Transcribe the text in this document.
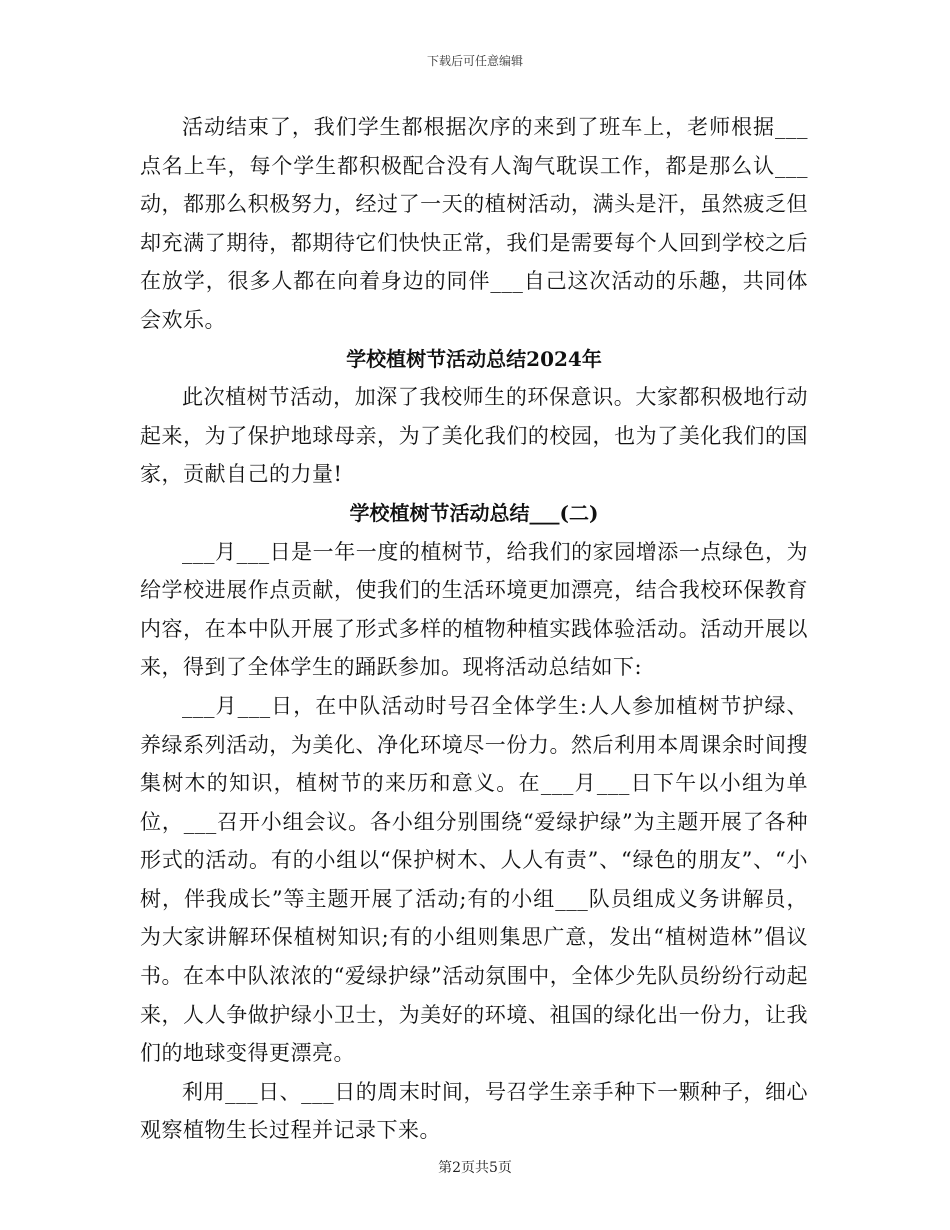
下载后可任意编辑

活动结束了，我们学生都根据次序的来到了班车上，老师根据___点名上车，每个学生都积极配合没有人淘气耽误工作，都是那么认___动，都那么积极努力，经过了一天的植树活动，满头是汗，虽然疲乏但却充满了期待，都期待它们快快正常，我们是需要每个人回到学校之后在放学，很多人都在向着身边的同伴___自己这次活动的乐趣，共同体会欢乐。

学校植树节活动总结2024年

此次植树节活动，加深了我校师生的环保意识。大家都积极地行动起来，为了保护地球母亲，为了美化我们的校园，也为了美化我们的国家，贡献自己的力量!

学校植树节活动总结___(二)

___月___日是一年一度的植树节，给我们的家园增添一点绿色，为给学校进展作点贡献，使我们的生活环境更加漂亮，结合我校环保教育内容，在本中队开展了形式多样的植物种植实践体验活动。活动开展以来，得到了全体学生的踊跃参加。现将活动总结如下:

___月___日，在中队活动时号召全体学生:人人参加植树节护绿、养绿系列活动，为美化、净化环境尽一份力。然后利用本周课余时间搜集树木的知识，植树节的来历和意义。在___月___日下午以小组为单位，___召开小组会议。各小组分别围绕“爱绿护绿”为主题开展了各种形式的活动。有的小组以“保护树木、人人有责”、“绿色的朋友”、“小树，伴我成长”等主题开展了活动;有的小组___队员组成义务讲解员，为大家讲解环保植树知识;有的小组则集思广意，发出“植树造林”倡议书。在本中队浓浓的“爱绿护绿”活动氛围中，全体少先队员纷纷行动起来，人人争做护绿小卫士，为美好的环境、祖国的绿化出一份力，让我们的地球变得更漂亮。

利用___日、___日的周末时间，号召学生亲手种下一颗种子，细心观察植物生长过程并记录下来。

第2页共5页
